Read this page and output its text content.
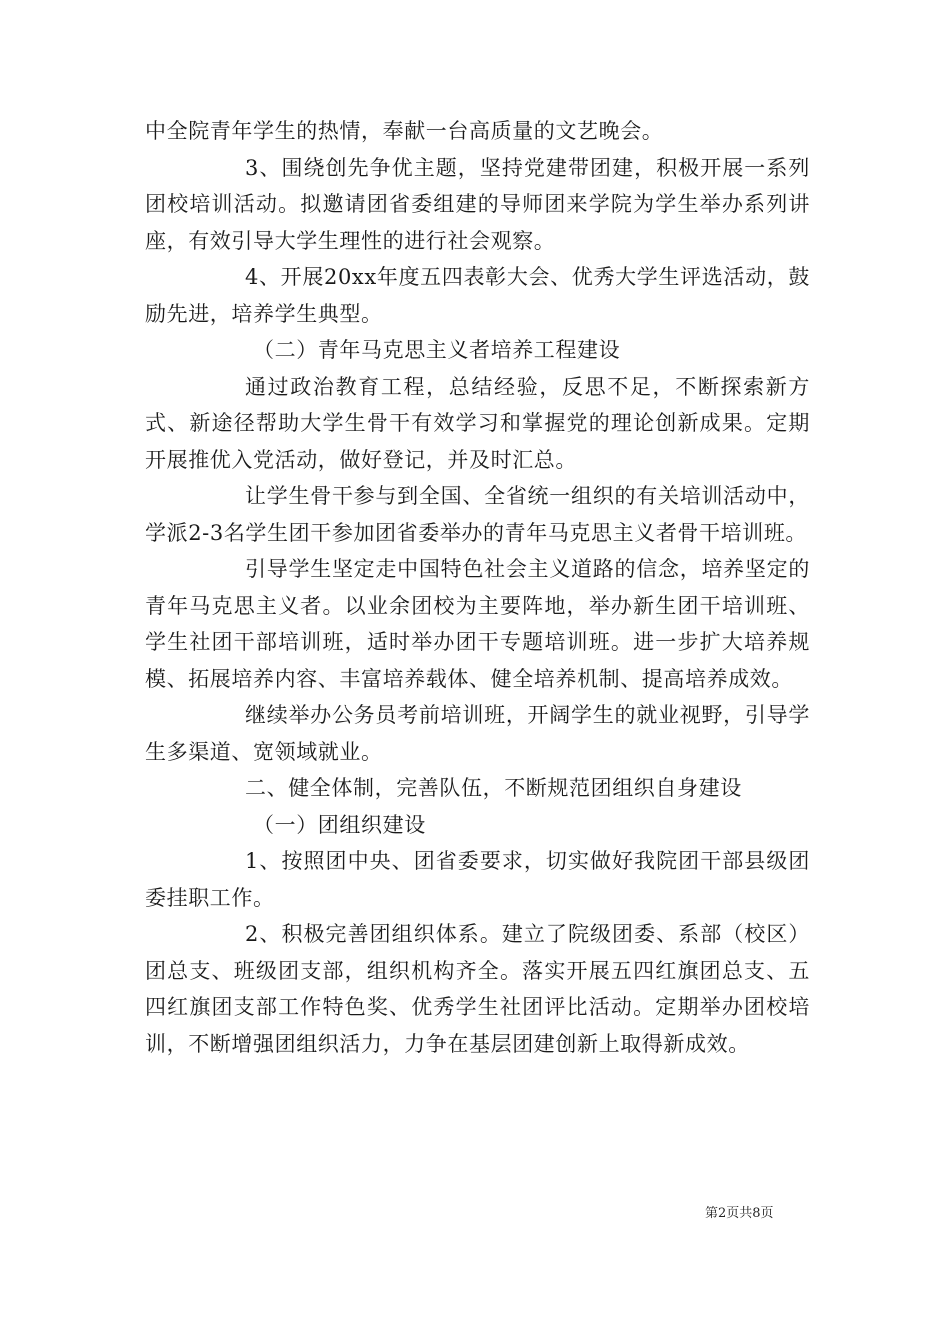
中全院青年学生的热情，奉献一台高质量的文艺晚会。

3、围绕创先争优主题，坚持党建带团建，积极开展一系列团校培训活动。拟邀请团省委组建的导师团来学院为学生举办系列讲座，有效引导大学生理性的进行社会观察。

4、开展20xx年度五四表彰大会、优秀大学生评选活动，鼓励先进，培养学生典型。

（二）青年马克思主义者培养工程建设

通过政治教育工程，总结经验，反思不足，不断探索新方式、新途径帮助大学生骨干有效学习和掌握党的理论创新成果。定期开展推优入党活动，做好登记，并及时汇总。

让学生骨干参与到全国、全省统一组织的有关培训活动中，学派2-3名学生团干参加团省委举办的青年马克思主义者骨干培训班。

引导学生坚定走中国特色社会主义道路的信念，培养坚定的青年马克思主义者。以业余团校为主要阵地，举办新生团干培训班、学生社团干部培训班，适时举办团干专题培训班。进一步扩大培养规模、拓展培养内容、丰富培养载体、健全培养机制、提高培养成效。

继续举办公务员考前培训班，开阔学生的就业视野，引导学生多渠道、宽领域就业。

二、健全体制，完善队伍，不断规范团组织自身建设

（一）团组织建设

1、按照团中央、团省委要求，切实做好我院团干部县级团委挂职工作。

2、积极完善团组织体系。建立了院级团委、系部（校区）团总支、班级团支部，组织机构齐全。落实开展五四红旗团总支、五四红旗团支部工作特色奖、优秀学生社团评比活动。定期举办团校培训，不断增强团组织活力，力争在基层团建创新上取得新成效。

第2页共8页
